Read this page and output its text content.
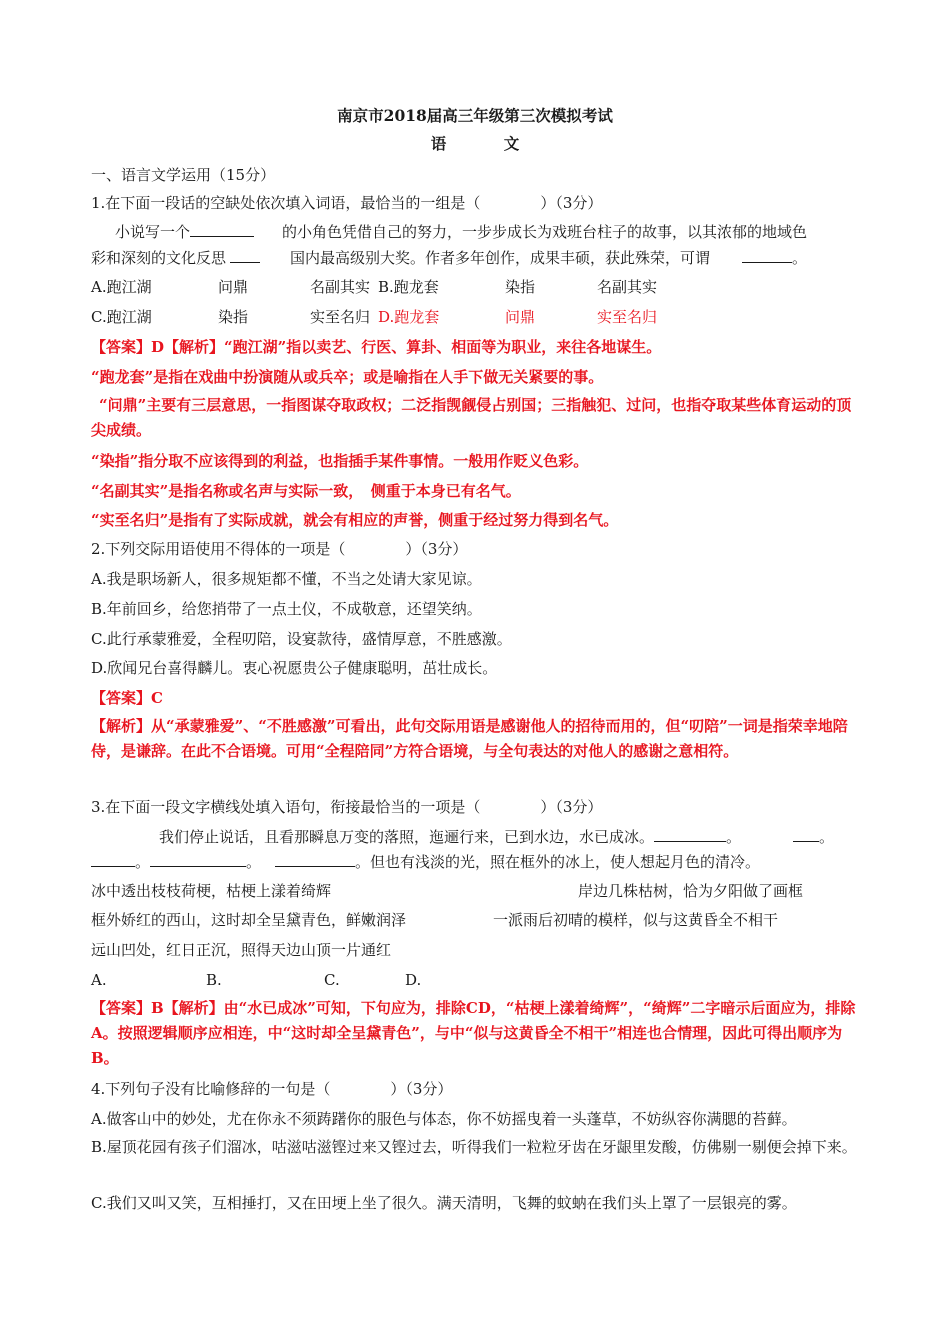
南京市2018届高三年级第三次模拟考试
语	文
一、语言文学运用（15分）
1.在下面一段话的空缺处依次填入词语，最恰当的一组是（　　　　）（3分）
小说写一个	的小角色凭借自己的努力，一步步成长为戏班台柱子的故事，以其浓郁的地域色
彩和深刻的文化反思	国内最高级别大奖。作者多年创作，成果丰硕，获此殊荣，可谓	。
A.跑江湖	问鼎	名副其实 B.跑龙套	染指	名副其实
C.跑江湖	染指	实至名归 D.跑龙套	问鼎	实至名归
【答案】D【解析】“跑江湖”指以卖艺、行医、算卦、相面等为职业，来往各地谋生。
“跑龙套”是指在戏曲中扮演随从或兵卒；或是喻指在人手下做无关紧要的事。
“问鼎”主要有三层意思，一指图谋夺取政权；二泛指觊觎侵占别国；三指触犯、过问，也指夺取某些体育运动的顶尖成绩。
“染指”指分取不应该得到的利益，也指插手某件事情。一般用作贬义色彩。
“名副其实”是指名称或名声与实际一致，　侧重于本身已有名气。
“实至名归”是指有了实际成就，就会有相应的声誉，侧重于经过努力得到名气。
2.下列交际用语使用不得体的一项是（　　　　）（3分）
A.我是职场新人，很多规矩都不懂，不当之处请大家见谅。
B.年前回乡，给您捎带了一点土仪，不成敬意，还望笑纳。
C.此行承蒙雅爱，全程叨陪，设宴款待，盛情厚意，不胜感激。
D.欣闻兄台喜得麟儿。衷心祝愿贵公子健康聪明，茁壮成长。
【答案】C
【解析】从“承蒙雅爱”、“不胜感激”可看出，此句交际用语是感谢他人的招待而用的，但“叨陪”一词是指荣幸地陪侍，是谦辞。在此不合语境。可用“全程陪同”方符合语境，与全句表达的对他人的感谢之意相符。
3.在下面一段文字横线处填入语句，衔接最恰当的一项是（　　　　）（3分）
我们停止说话，且看那瞬息万变的落照，迤逦行来，已到水边，水已成冰。	。	。
。	。	。但也有浅淡的光，照在框外的冰上，使人想起月色的清冷。
冰中透出枝枝荷梗，枯梗上漾着绮辉	岸边几株枯树，恰为夕阳做了画框
框外娇红的西山，这时却全呈黛青色，鲜嫩润泽	一派雨后初晴的模样，似与这黄昏全不相干
远山凹处，红日正沉，照得天边山顶一片通红
A.	B.	C.	D.
【答案】B【解析】由“水已成冰”可知，下句应为，排除CD，“枯梗上漾着绮辉”，“绮辉”二字暗示后面应为，排除A。按照逻辑顺序应相连，中“这时却全呈黛青色”，与中“似与这黄昏全不相干”相连也合情理，因此可得出顺序为B。
4.下列句子没有比喻修辞的一句是（　　　　）（3分）
A.做客山中的妙处，尤在你永不须踌躇你的服色与体态，你不妨摇曳着一头蓬草，不妨纵容你满腮的苔藓。
B.屋顶花园有孩子们溜冰，咕滋咕滋铿过来又铿过去，听得我们一粒粒牙齿在牙龈里发酸，仿佛剔一剔便会掉下来。
C.我们又叫又笑，互相捶打，又在田埂上坐了很久。满天清明，飞舞的蚊蚋在我们头上罩了一层银亮的雾。
